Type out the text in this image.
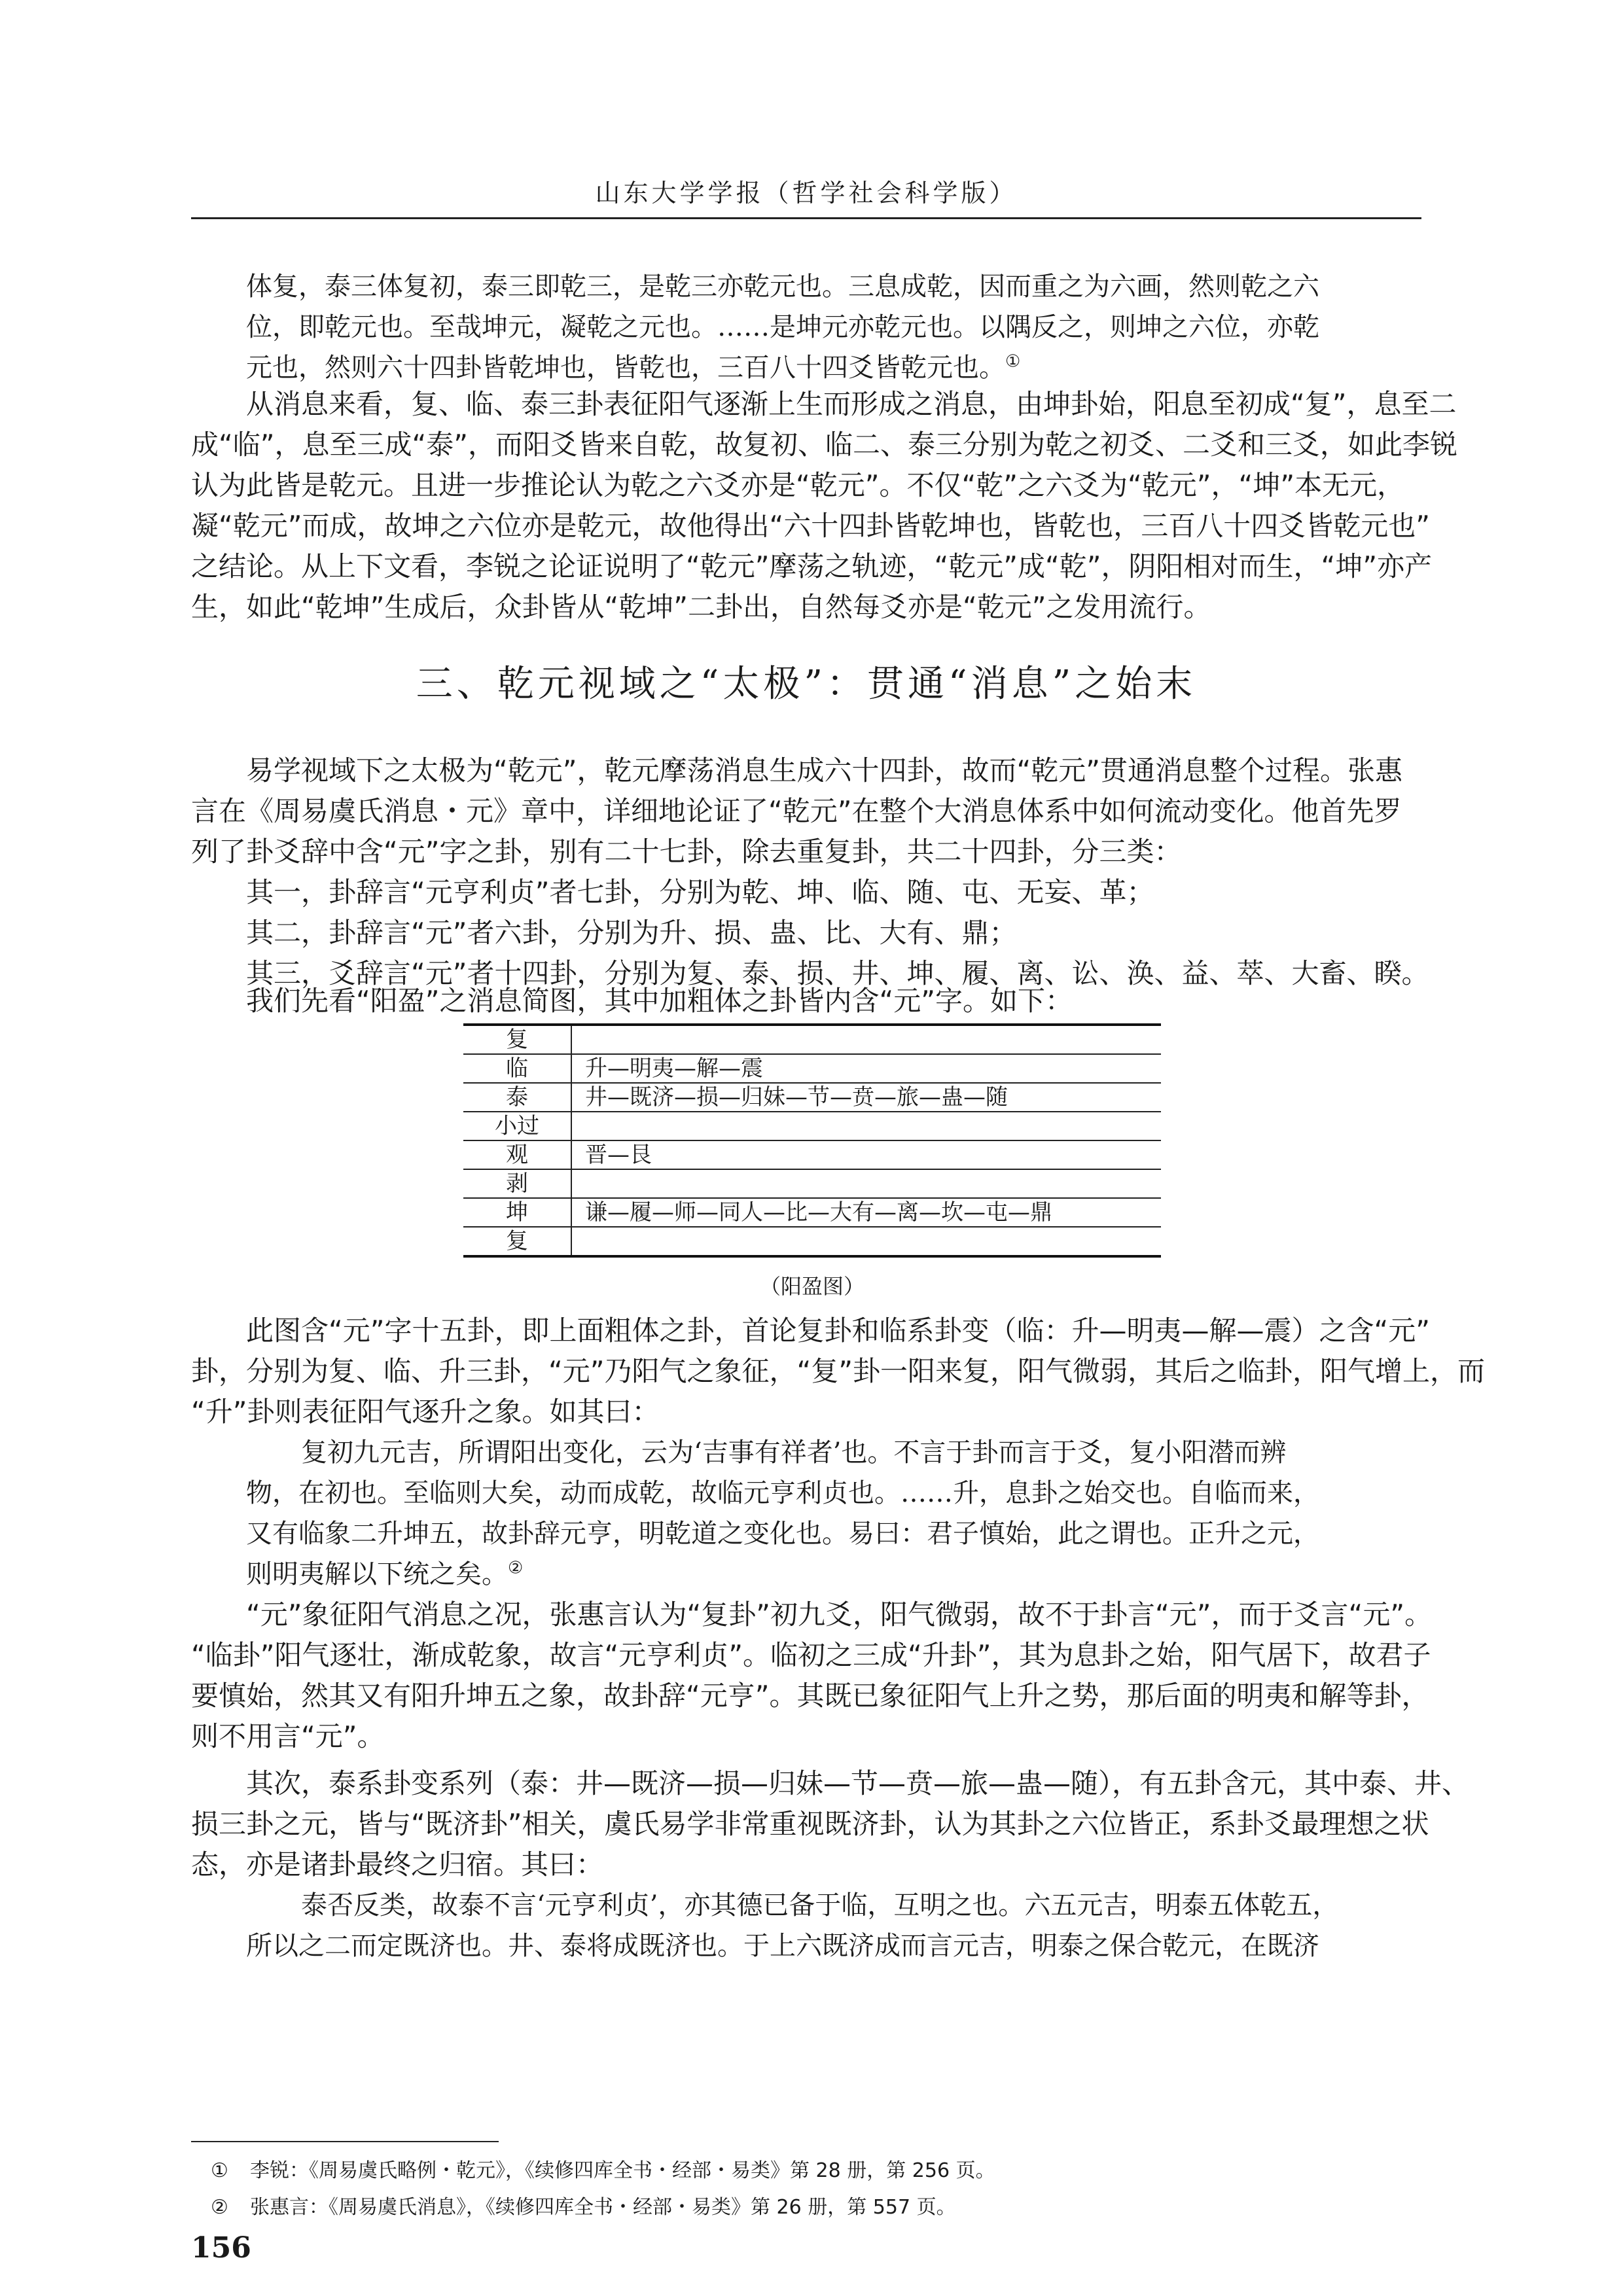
山东大学学报（哲学社会科学版）
体复，泰三体复初，泰三即乾三，是乾三亦乾元也。三息成乾，因而重之为六画，然则乾之六
位，即乾元也。至哉坤元，凝乾之元也。……是坤元亦乾元也。以隅反之，则坤之六位，亦乾
元也，然则六十四卦皆乾坤也，皆乾也，三百八十四爻皆乾元也。①
从消息来看，复、临、泰三卦表征阳气逐渐上生而形成之消息，由坤卦始，阳息至初成“复”，息至二
成“临”，息至三成“泰”，而阳爻皆来自乾，故复初、临二、泰三分别为乾之初爻、二爻和三爻，如此李锐
认为此皆是乾元。且进一步推论认为乾之六爻亦是“乾元”。不仅“乾”之六爻为“乾元”，“坤”本无元，
凝“乾元”而成，故坤之六位亦是乾元，故他得出“六十四卦皆乾坤也，皆乾也，三百八十四爻皆乾元也”
之结论。从上下文看，李锐之论证说明了“乾元”摩荡之轨迹，“乾元”成“乾”，阴阳相对而生，“坤”亦产
生，如此“乾坤”生成后，众卦皆从“乾坤”二卦出，自然每爻亦是“乾元”之发用流行。
三、乾元视域之“太极”：贯通“消息”之始末
易学视域下之太极为“乾元”，乾元摩荡消息生成六十四卦，故而“乾元”贯通消息整个过程。张惠
言在《周易虞氏消息・元》章中，详细地论证了“乾元”在整个大消息体系中如何流动变化。他首先罗
列了卦爻辞中含“元”字之卦，别有二十七卦，除去重复卦，共二十四卦，分三类：
其一，卦辞言“元亨利贞”者七卦，分别为乾、坤、临、随、屯、无妄、革；
其二，卦辞言“元”者六卦，分别为升、损、蛊、比、大有、鼎；
其三，爻辞言“元”者十四卦，分别为复、泰、损、井、坤、履、离、讼、涣、益、萃、大畜、睽。
我们先看“阳盈”之消息简图，其中加粗体之卦皆内含“元”字。如下：
复	
临	升—明夷—解—震
泰	井—既济—损—归妹—节—贲—旅—蛊—随
小过	
观	晋—艮
剥	
坤	谦—履—师—同人—比—大有—离—坎—屯—鼎
复	
（阳盈图）
此图含“元”字十五卦，即上面粗体之卦，首论复卦和临系卦变（临：升—明夷—解—震）之含“元”
卦，分别为复、临、升三卦，“元”乃阳气之象征，“复”卦一阳来复，阳气微弱，其后之临卦，阳气增上，而
“升”卦则表征阳气逐升之象。如其曰：
复初九元吉，所谓阳出变化，云为‘吉事有祥者’也。不言于卦而言于爻，复小阳潜而辨
物，在初也。至临则大矣，动而成乾，故临元亨利贞也。……升，息卦之始交也。自临而来，
又有临象二升坤五，故卦辞元亨，明乾道之变化也。易曰：君子慎始，此之谓也。正升之元，
则明夷解以下统之矣。②
“元”象征阳气消息之况，张惠言认为“复卦”初九爻，阳气微弱，故不于卦言“元”，而于爻言“元”。
“临卦”阳气逐壮，渐成乾象，故言“元亨利贞”。临初之三成“升卦”，其为息卦之始，阳气居下，故君子
要慎始，然其又有阳升坤五之象，故卦辞“元亨”。其既已象征阳气上升之势，那后面的明夷和解等卦，
则不用言“元”。
其次，泰系卦变系列（泰：井—既济—损—归妹—节—贲—旅—蛊—随），有五卦含元，其中泰、井、
损三卦之元，皆与“既济卦”相关，虞氏易学非常重视既济卦，认为其卦之六位皆正，系卦爻最理想之状
态，亦是诸卦最终之归宿。其曰：
泰否反类，故泰不言‘元亨利贞’，亦其德已备于临，互明之也。六五元吉，明泰五体乾五，
所以之二而定既济也。井、泰将成既济也。于上六既济成而言元吉，明泰之保合乾元，在既济
① 李锐：《周易虞氏略例・乾元》，《续修四库全书・经部・易类》第 28 册，第 256 页。
② 张惠言：《周易虞氏消息》，《续修四库全书・经部・易类》第 26 册，第 557 页。
156
